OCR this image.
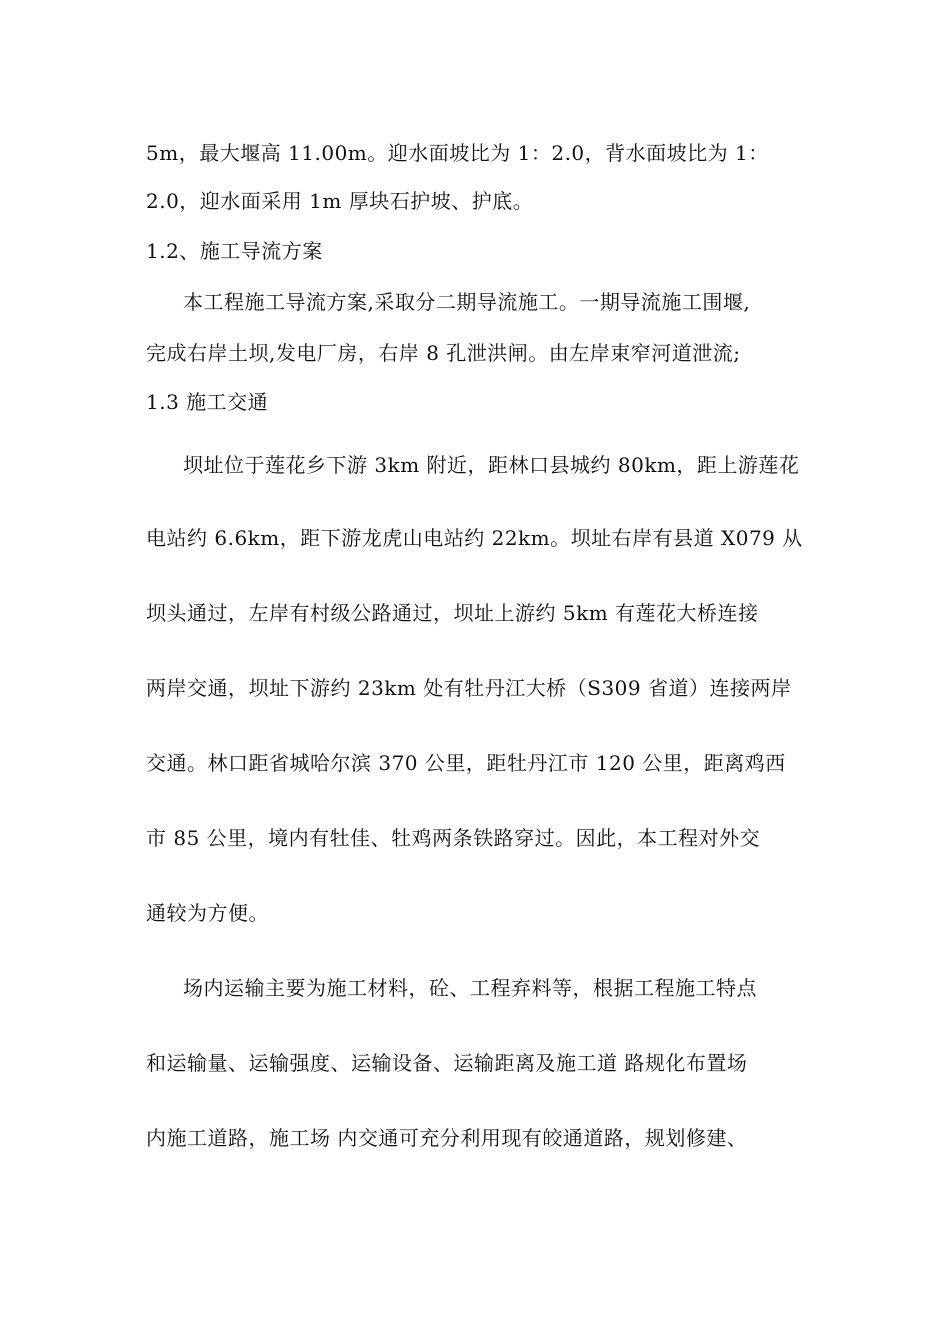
5m，最大堰高 11.00m。迎水面坡比为 1：2.0，背水面坡比为 1：
2.0，迎水面采用 1m 厚块石护坡、护底。
1.2、施工导流方案
本工程施工导流方案,采取分二期导流施工。一期导流施工围堰,
完成右岸土坝,发电厂房，右岸 8 孔泄洪闸。由左岸束窄河道泄流;
1.3 施工交通
坝址位于莲花乡下游 3km 附近，距林口县城约 80km，距上游莲花
电站约 6.6km，距下游龙虎山电站约 22km。坝址右岸有县道 X079 从
坝头通过，左岸有村级公路通过，坝址上游约 5km 有莲花大桥连接
两岸交通，坝址下游约 23km 处有牡丹江大桥（S309 省道）连接两岸
交通。林口距省城哈尔滨 370 公里，距牡丹江市 120 公里，距离鸡西
市 85 公里，境内有牡佳、牡鸡两条铁路穿过。因此，本工程对外交
通较为方便。
场内运输主要为施工材料，砼、工程弃料等，根据工程施工特点
和运输量、运输强度、运输设备、运输距离及施工道 路规化布置场
内施工道路，施工场 内交通可充分利用现有皎通道路，规划修建、
